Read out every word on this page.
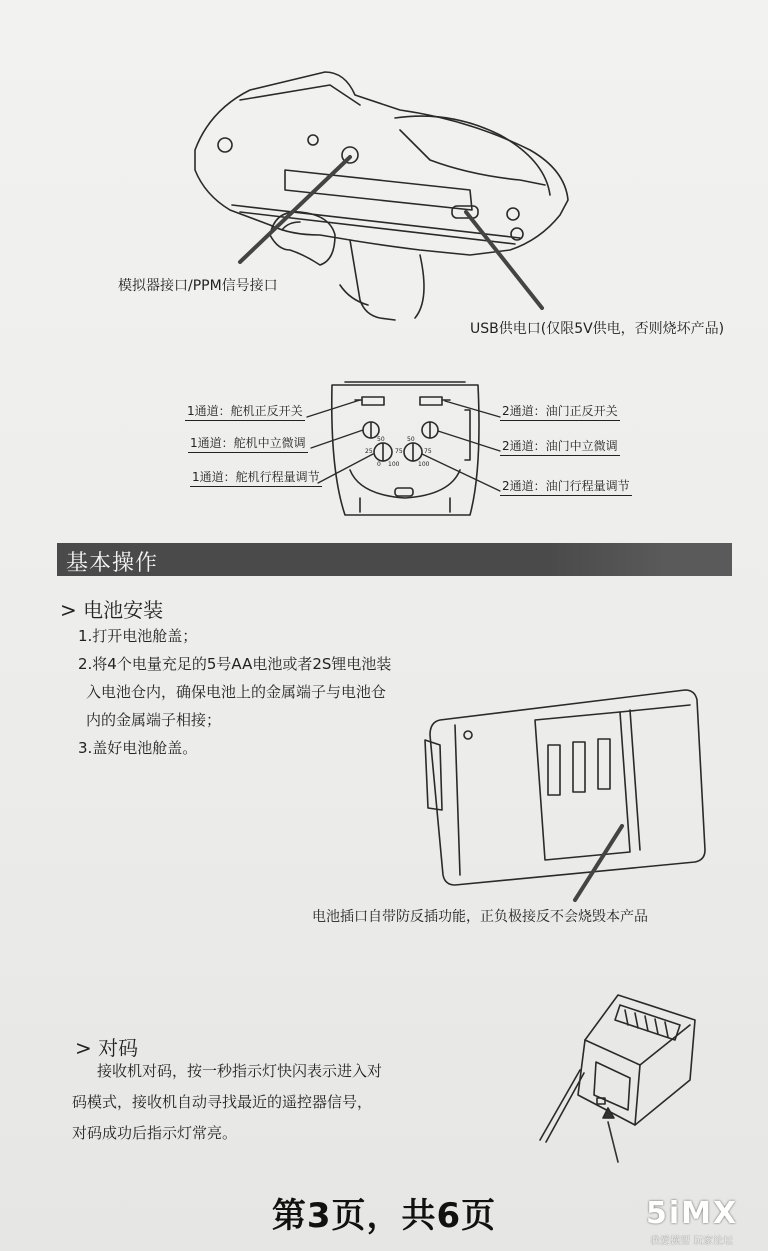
模拟器接口/PPM信号接口
USB供电口(仅限5V供电，否则烧坏产品)
1通道：舵机正反开关
1通道：舵机中立微调
1通道：舵机行程量调节
2通道：油门正反开关
2通道：油门中立微调
2通道：油门行程量调节
50	50
25	75	75
0 100	100
基本操作
> 电池安装
1.打开电池舱盖；
2.将4个电量充足的5号AA电池或者2S锂电池装
入电池仓内，确保电池上的金属端子与电池仓
内的金属端子相接；
3.盖好电池舱盖。
电池插口自带防反插功能，正负极接反不会烧毁本产品
> 对码
接收机对码，按一秒指示灯快闪表示进入对
码模式，接收机自动寻找最近的遥控器信号，
对码成功后指示灯常亮。
第3页，共6页	5iMX
我爱模型 玩家论坛
